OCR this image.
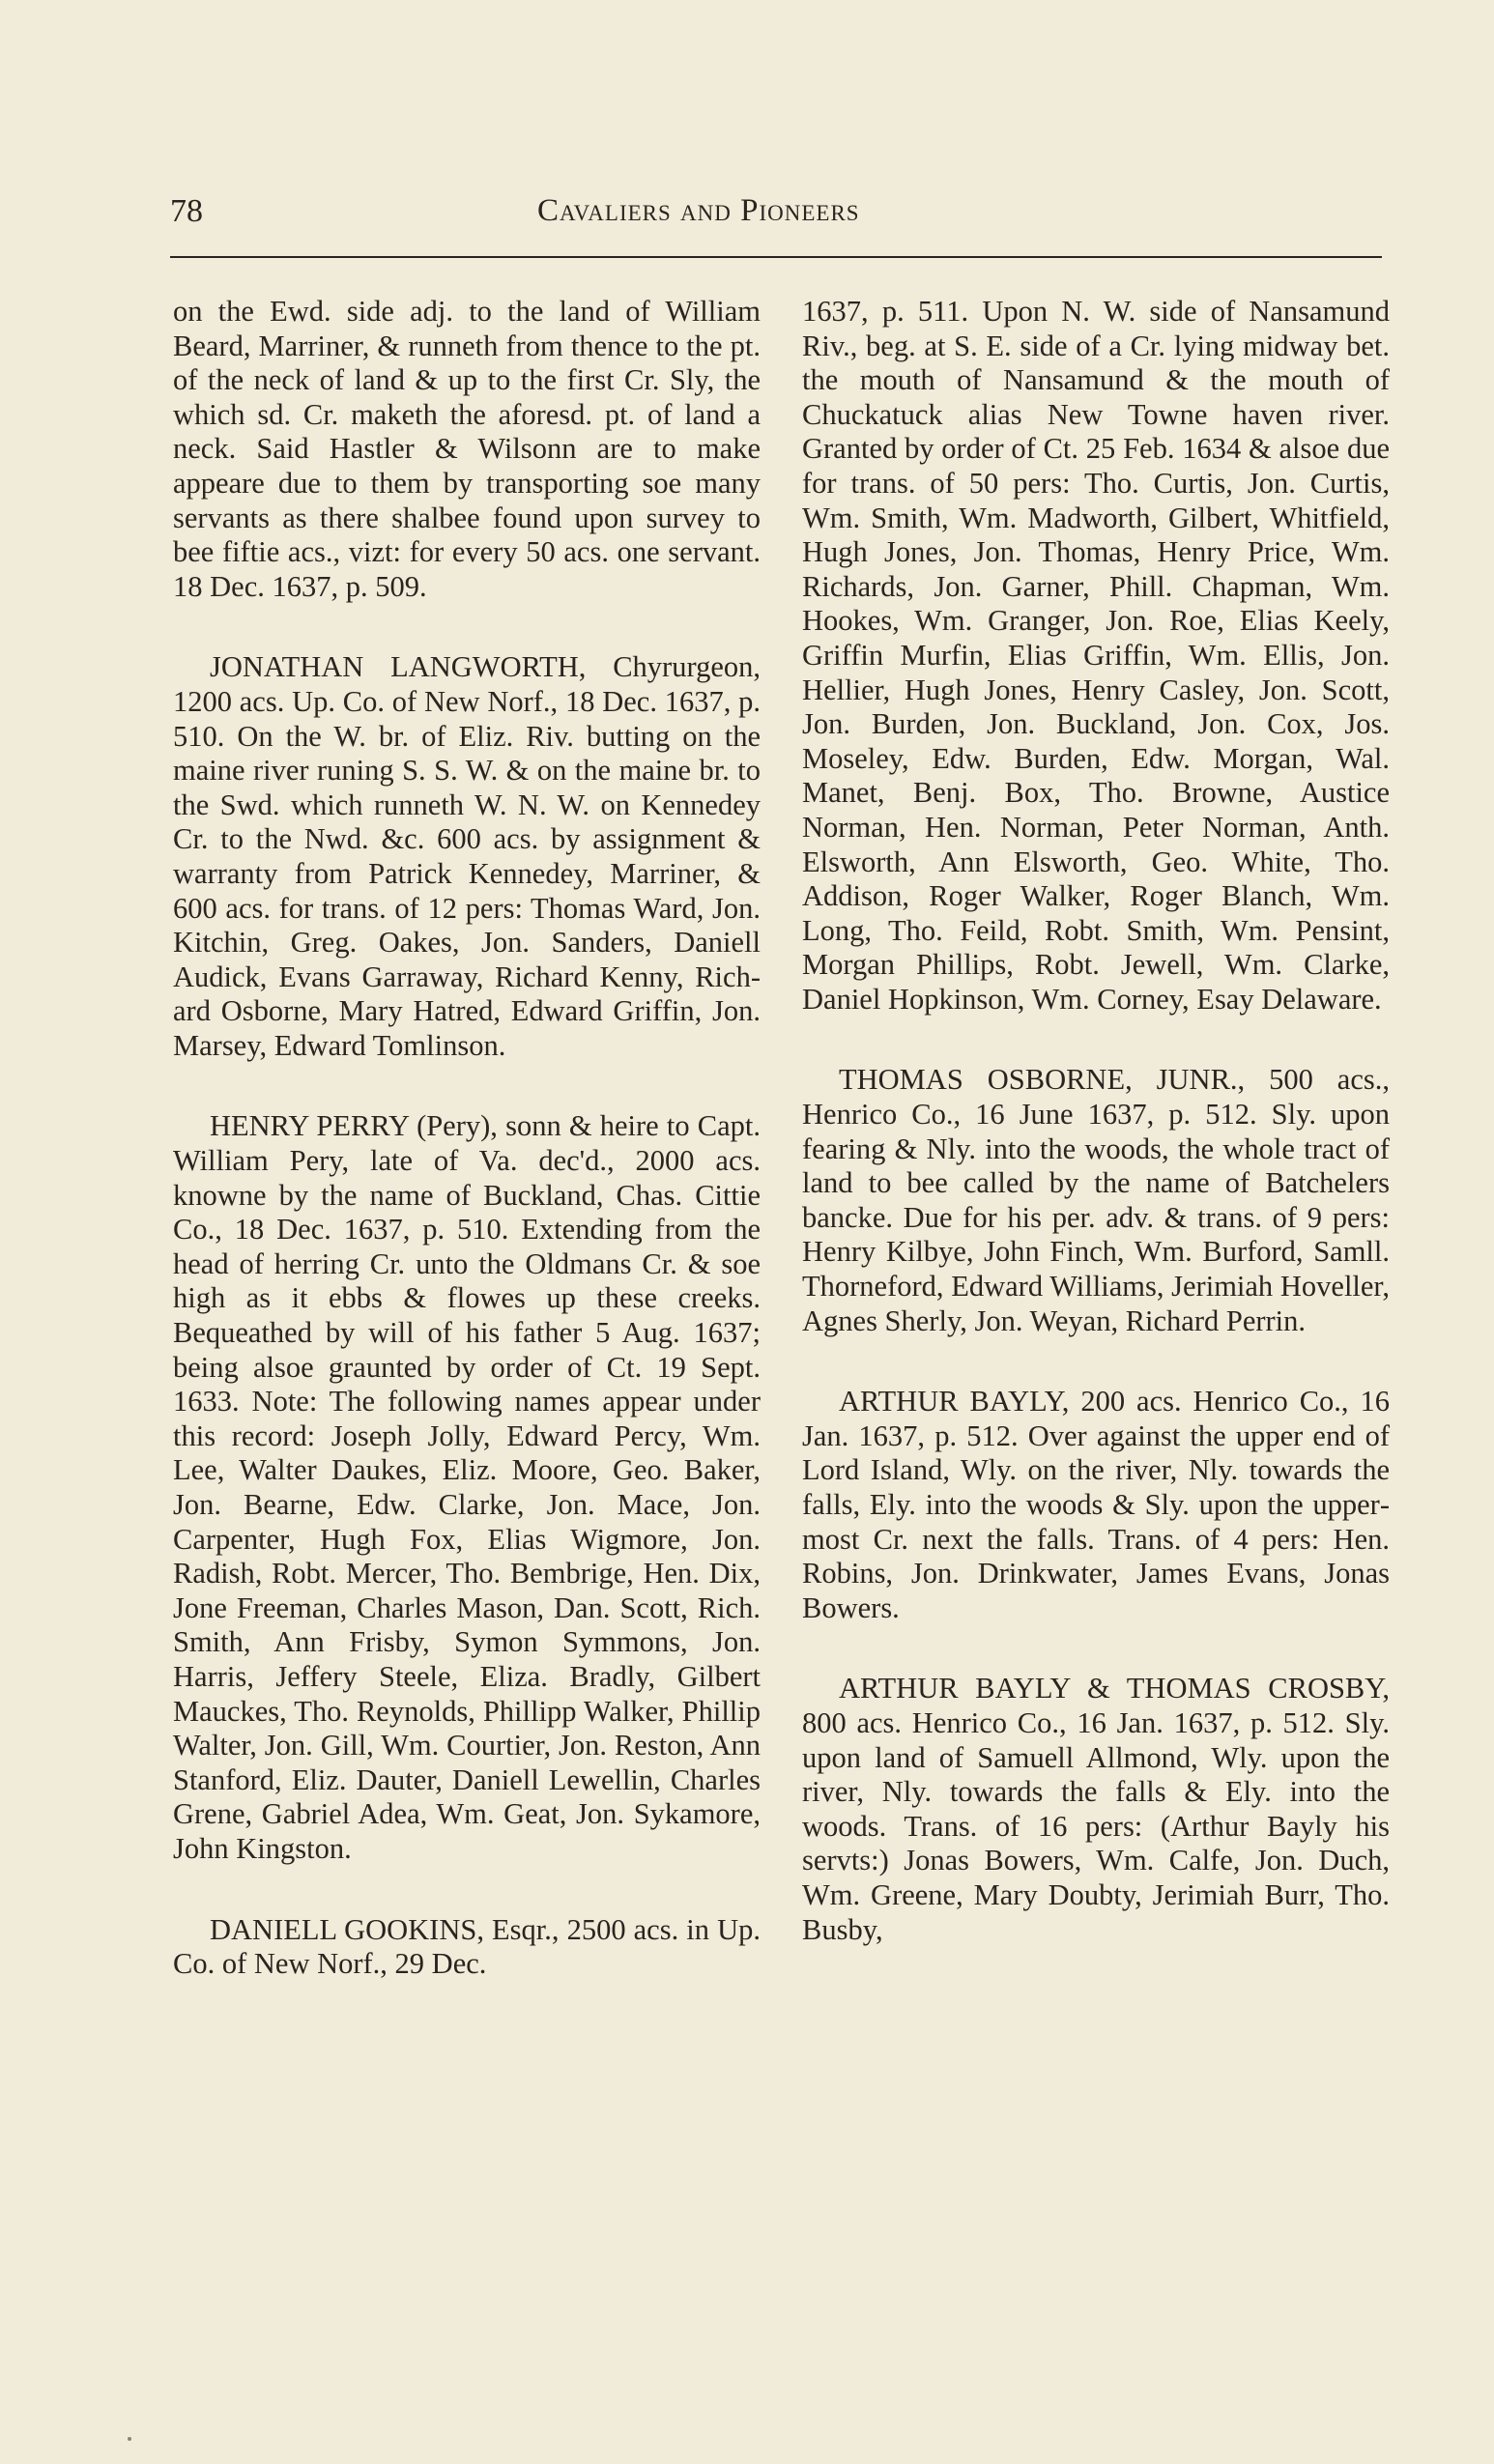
78	Cavaliers and Pioneers

on the Ewd. side adj. to the land of William Beard, Marriner, & runneth from thence to the pt. of the neck of land & up to the first Cr. Sly, the which sd. Cr. maketh the aforesd. pt. of land a neck. Said Hastler & Wilsonn are to make appeare due to them by transporting soe many servants as there shalbee found upon survey to bee fiftie acs., vizt: for every 50 acs. one servant. 18 Dec. 1637, p. 509.

JONATHAN LANGWORTH, Chyrurgeon, 1200 acs. Up. Co. of New Norf., 18 Dec. 1637, p. 510. On the W. br. of Eliz. Riv. butting on the maine river runing S. S. W. & on the maine br. to the Swd. which runneth W. N. W. on Kennedey Cr. to the Nwd. &c. 600 acs. by assignment & warranty from Patrick Kennedey, Marriner, & 600 acs. for trans. of 12 pers: Thomas Ward, Jon. Kitchin, Greg. Oakes, Jon. Sanders, Daniell Audick, Evans Garraway, Richard Kenny, Richard Osborne, Mary Hatred, Edward Griffin, Jon. Marsey, Edward Tomlinson.

HENRY PERRY (Pery), sonn & heire to Capt. William Pery, late of Va. dec'd., 2000 acs. knowne by the name of Buckland, Chas. Cittie Co., 18 Dec. 1637, p. 510. Extending from the head of herring Cr. unto the Oldmans Cr. & soe high as it ebbs & flowes up these creeks. Bequeathed by will of his father 5 Aug. 1637; being alsoe graunted by order of Ct. 19 Sept. 1633. Note: The following names appear under this record: Joseph Jolly, Edward Percy, Wm. Lee, Walter Daukes, Eliz. Moore, Geo. Baker, Jon. Bearne, Edw. Clarke, Jon. Mace, Jon. Carpenter, Hugh Fox, Elias Wigmore, Jon. Radish, Robt. Mercer, Tho. Bembrige, Hen. Dix, Jone Freeman, Charles Mason, Dan. Scott, Rich. Smith, Ann Frisby, Symon Symmons, Jon. Harris, Jeffery Steele, Eliza. Bradly, Gilbert Mauckes, Tho. Reynolds, Phillipp Walker, Phillip Walter, Jon. Gill, Wm. Courtier, Jon. Reston, Ann Stanford, Eliz. Dauter, Daniell Lewellin, Charles Grene, Gabriel Adea, Wm. Geat, Jon. Sykamore, John Kingston.

DANIELL GOOKINS, Esqr., 2500 acs. in Up. Co. of New Norf., 29 Dec.

1637, p. 511. Upon N. W. side of Nansamund Riv., beg. at S. E. side of a Cr. lying midway bet. the mouth of Nansamund & the mouth of Chuckatuck alias New Towne haven river. Granted by order of Ct. 25 Feb. 1634 & alsoe due for trans. of 50 pers: Tho. Curtis, Jon. Curtis, Wm. Smith, Wm. Madworth, Gilbert, Whitfield, Hugh Jones, Jon. Thomas, Henry Price, Wm. Richards, Jon. Garner, Phill. Chapman, Wm. Hookes, Wm. Granger, Jon. Roe, Elias Keely, Griffin Murfin, Elias Griffin, Wm. Ellis, Jon. Hellier, Hugh Jones, Henry Casley, Jon. Scott, Jon. Burden, Jon. Buckland, Jon. Cox, Jos. Moseley, Edw. Burden, Edw. Morgan, Wal. Manet, Benj. Box, Tho. Browne, Austice Norman, Hen. Norman, Peter Norman, Anth. Elsworth, Ann Elsworth, Geo. White, Tho. Addison, Roger Walker, Roger Blanch, Wm. Long, Tho. Feild, Robt. Smith, Wm. Pensint, Morgan Phillips, Robt. Jewell, Wm. Clarke, Daniel Hopkinson, Wm. Corney, Esay Delaware.

THOMAS OSBORNE, JUNR., 500 acs., Henrico Co., 16 June 1637, p. 512. Sly. upon fearing & Nly. into the woods, the whole tract of land to bee called by the name of Batchelers bancke. Due for his per. adv. & trans. of 9 pers: Henry Kilbye, John Finch, Wm. Burford, Samll. Thorneford, Edward Williams, Jerimiah Hoveller, Agnes Sherly, Jon. Weyan, Richard Perrin.

ARTHUR BAYLY, 200 acs. Henrico Co., 16 Jan. 1637, p. 512. Over against the upper end of Lord Island, Wly. on the river, Nly. towards the falls, Ely. into the woods & Sly. upon the uppermost Cr. next the falls. Trans. of 4 pers: Hen. Robins, Jon. Drinkwater, James Evans, Jonas Bowers.

ARTHUR BAYLY & THOMAS CROSBY, 800 acs. Henrico Co., 16 Jan. 1637, p. 512. Sly. upon land of Samuell Allmond, Wly. upon the river, Nly. towards the falls & Ely. into the woods. Trans. of 16 pers: (Arthur Bayly his servts:) Jonas Bowers, Wm. Calfe, Jon. Duch, Wm. Greene, Mary Doubty, Jerimiah Burr, Tho. Busby,
